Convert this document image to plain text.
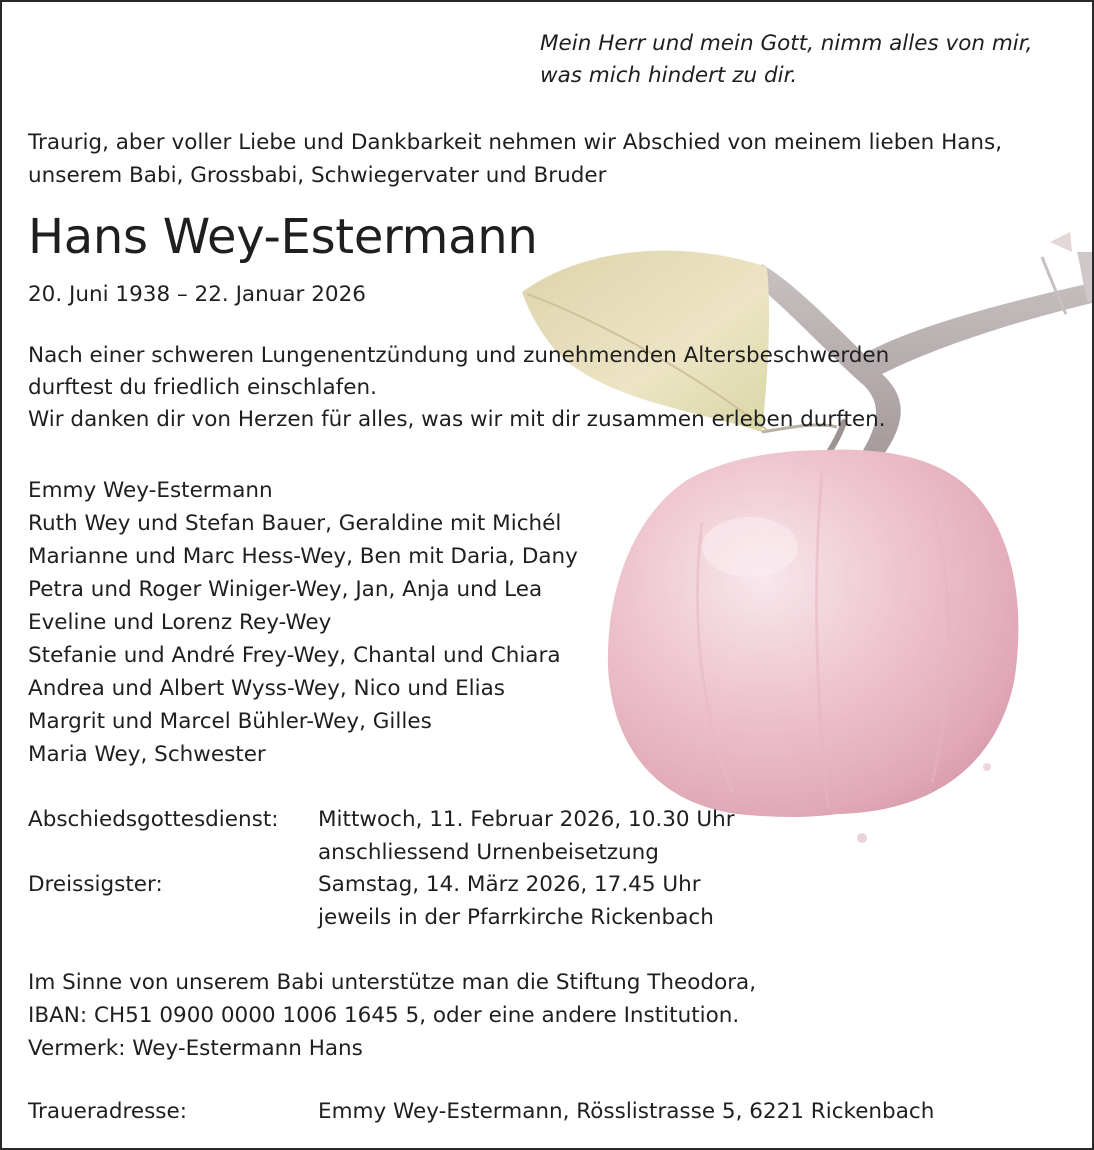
Mein Herr und mein Gott, nimm alles von mir,
was mich hindert zu dir.
Traurig, aber voller Liebe und Dankbarkeit nehmen wir Abschied von meinem lieben Hans,
unserem Babi, Grossbabi, Schwiegervater und Bruder
Hans Wey-Estermann
20. Juni 1938 – 22. Januar 2026
Nach einer schweren Lungenentzündung und zunehmenden Altersbeschwerden
durftest du friedlich einschlafen.
Wir danken dir von Herzen für alles, was wir mit dir zusammen erleben durften.
Emmy Wey-Estermann
Ruth Wey und Stefan Bauer, Geraldine mit Michél
Marianne und Marc Hess-Wey, Ben mit Daria, Dany
Petra und Roger Winiger-Wey, Jan, Anja und Lea
Eveline und Lorenz Rey-Wey
Stefanie und André Frey-Wey, Chantal und Chiara
Andrea und Albert Wyss-Wey, Nico und Elias
Margrit und Marcel Bühler-Wey, Gilles
Maria Wey, Schwester
Abschiedsgottesdienst:	Mittwoch, 11. Februar 2026, 10.30 Uhr
anschliessend Urnenbeisetzung
Dreissigster:	Samstag, 14. März 2026, 17.45 Uhr
jeweils in der Pfarrkirche Rickenbach
Im Sinne von unserem Babi unterstütze man die Stiftung Theodora,
IBAN: CH51 0900 0000 1006 1645 5, oder eine andere Institution.
Vermerk: Wey-Estermann Hans
Traueradresse:	Emmy Wey-Estermann, Rösslistrasse 5, 6221 Rickenbach
